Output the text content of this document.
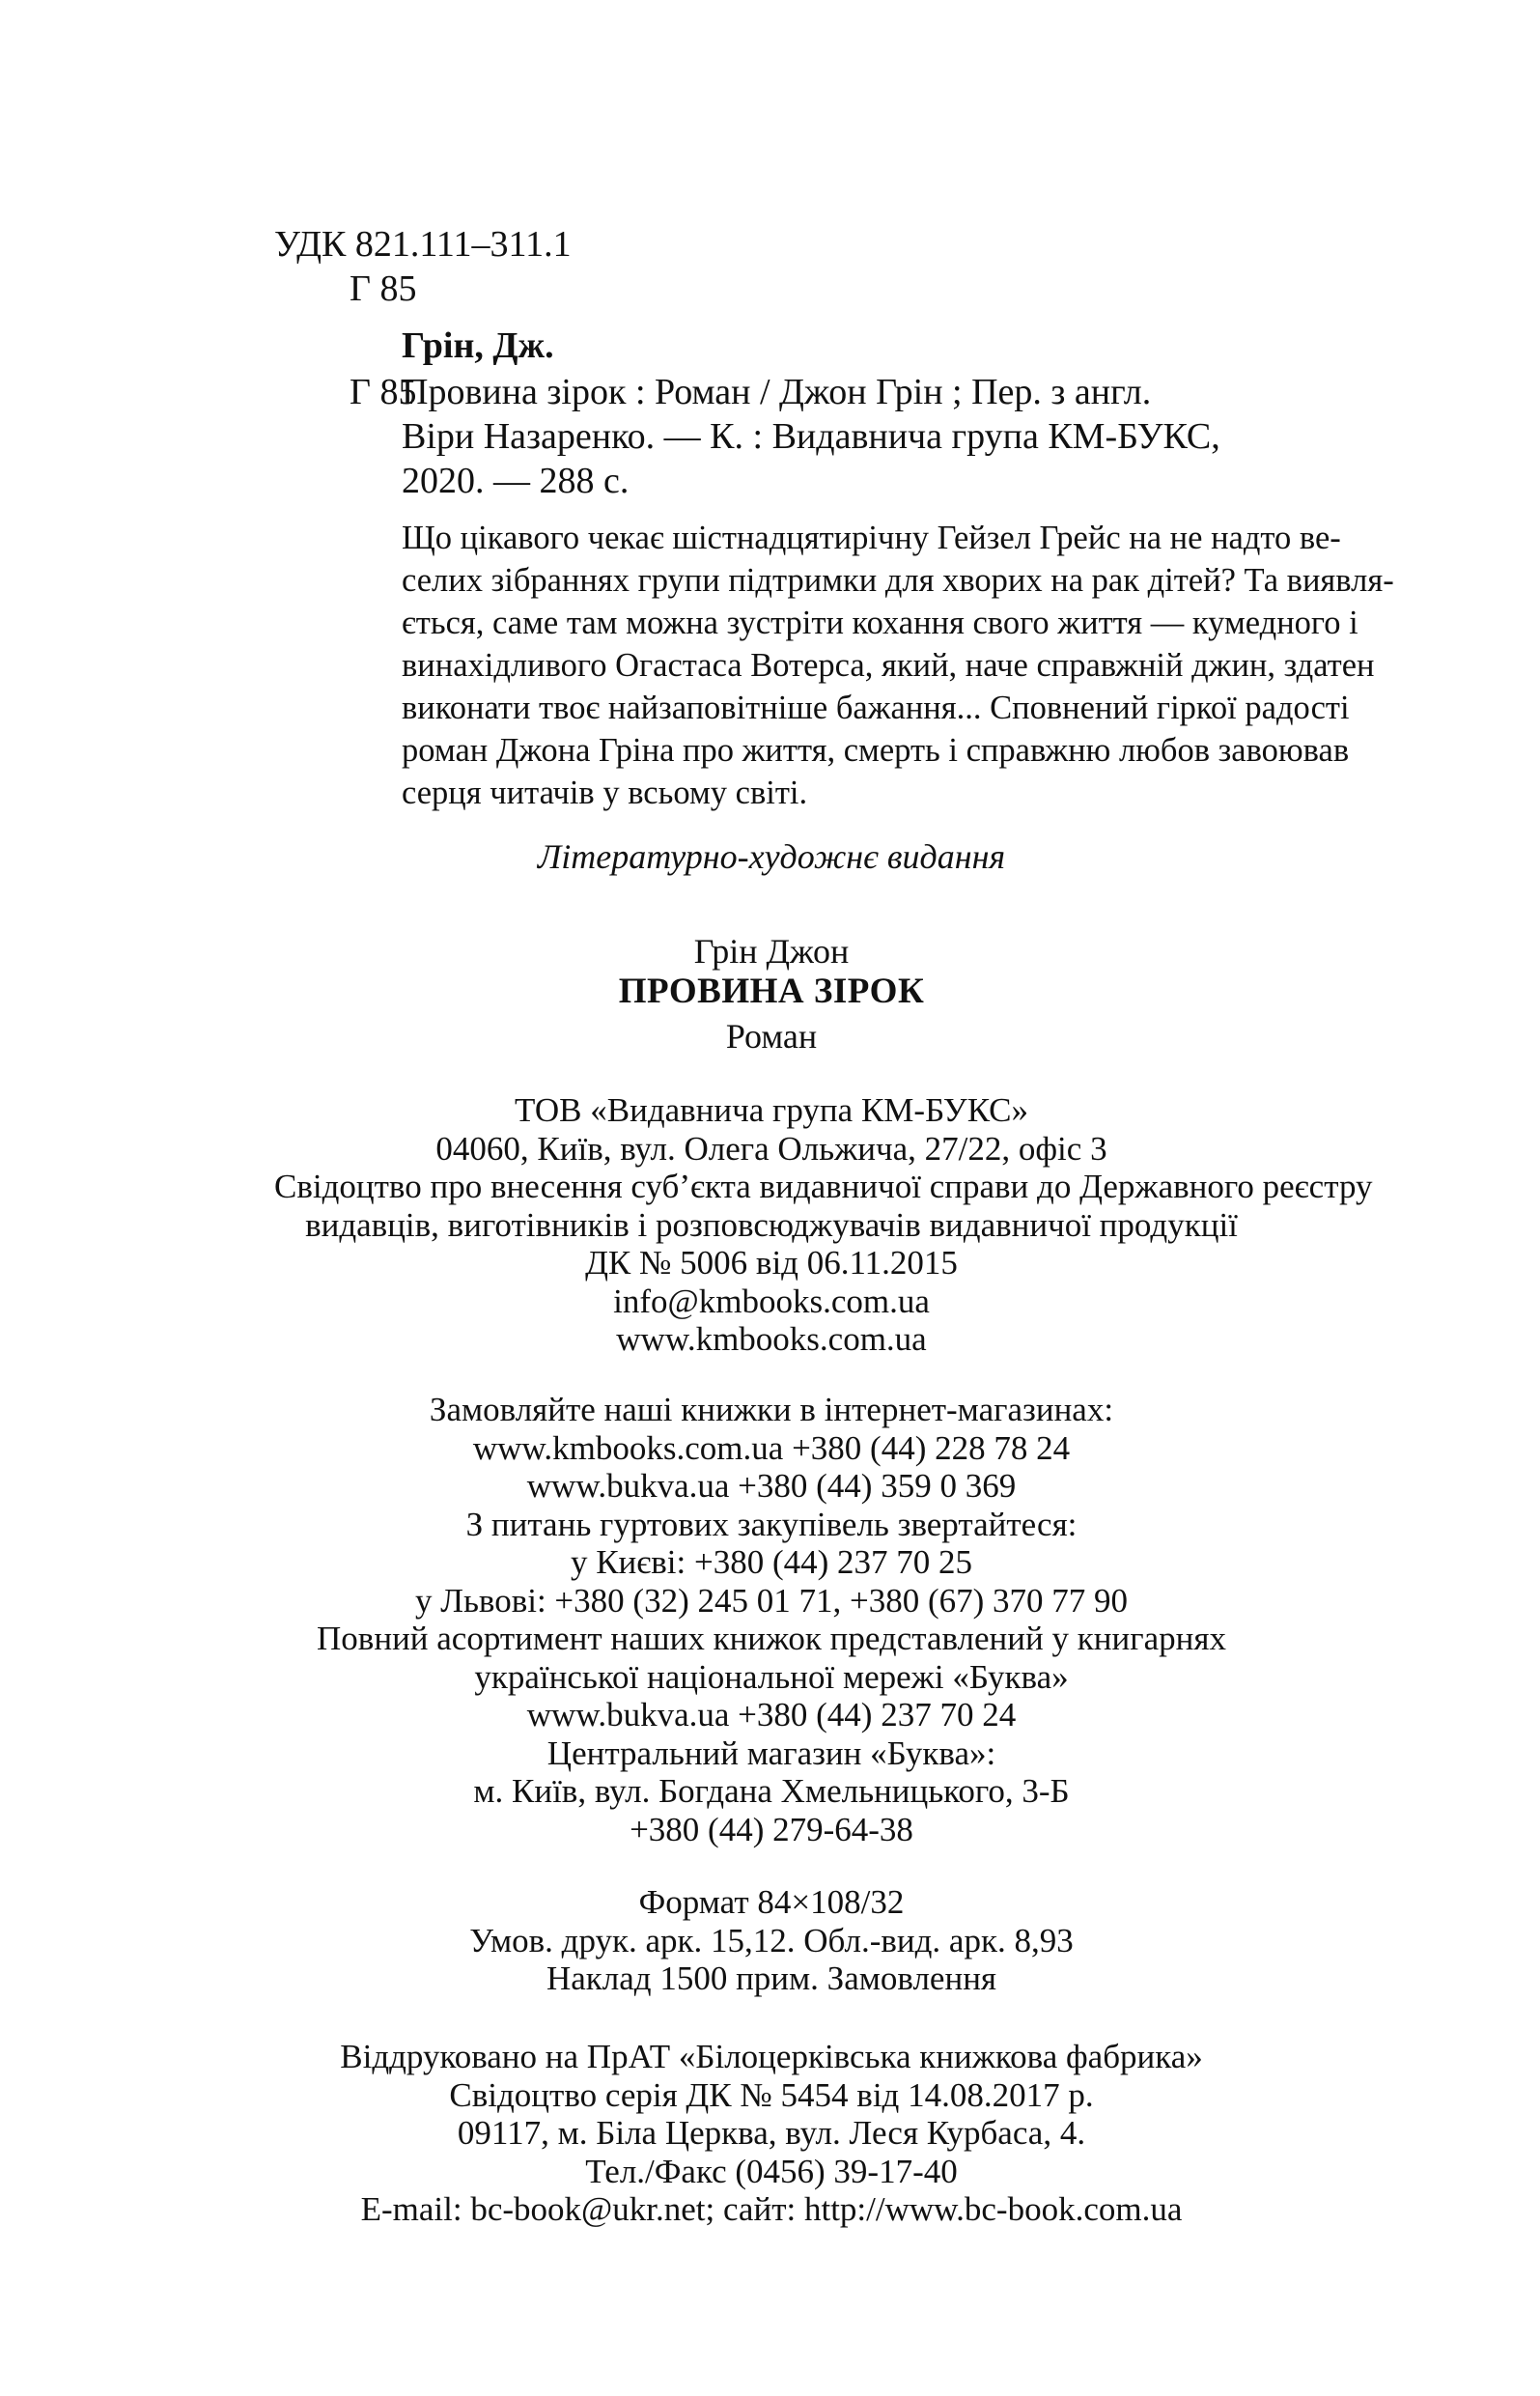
УДК 821.111–311.1
Г 85
Грін, Дж.
Г 85
Провина зірок : Роман / Джон Грін ; Пер. з англ.
Віри Назаренко. — К. : Видавнича група КМ-БУКС,
2020. — 288 с.
Що цікавого чекає шістнадцятирічну Гейзел Грейс на не надто ве-
селих зібраннях групи підтримки для хворих на рак дітей? Та виявля-
ється, саме там можна зустріти кохання свого життя — кумедного і
винахідливого Огастаса Вотерса, який, наче справжній джин, здатен
виконати твоє найзаповітніше бажання... Сповнений гіркої радості
роман Джона Гріна про життя, смерть і справжню любов завоював
серця читачів у всьому світі.
Літературно-художнє видання
Грін Джон
ПРОВИНА ЗІРОК
Роман
ТОВ «Видавнича група КМ-БУКС»
04060, Київ, вул. Олега Ольжича, 27/22, офіс 3
Свідоцтво про внесення суб’єкта видавничої справи до Державного реєстру
видавців, виготівників і розповсюджувачів видавничої продукції
ДК № 5006 від 06.11.2015
info@kmbooks.com.ua
www.kmbooks.com.ua
Замовляйте наші книжки в інтернет-магазинах:
www.kmbooks.com.ua +380 (44) 228 78 24
www.bukva.ua +380 (44) 359 0 369
З питань гуртових закупівель звертайтеся:
у Києві: +380 (44) 237 70 25
у Львові: +380 (32) 245 01 71, +380 (67) 370 77 90
Повний асортимент наших книжок представлений у книгарнях
української національної мережі «Буква»
www.bukva.ua +380 (44) 237 70 24
Центральний магазин «Буква»:
м. Київ, вул. Богдана Хмельницького, 3-Б
+380 (44) 279-64-38
Формат 84×108/32
Умов. друк. арк. 15,12. Обл.-вид. арк. 8,93
Наклад 1500 прим. Замовлення
Віддруковано на ПрАТ «Білоцерківська книжкова фабрика»
Свідоцтво серія ДК № 5454 від 14.08.2017 р.
09117, м. Біла Церква, вул. Леся Курбаса, 4.
Тел./Факс (0456) 39-17-40
E-mail: bc-book@ukr.net; сайт: http://www.bc-book.com.ua
